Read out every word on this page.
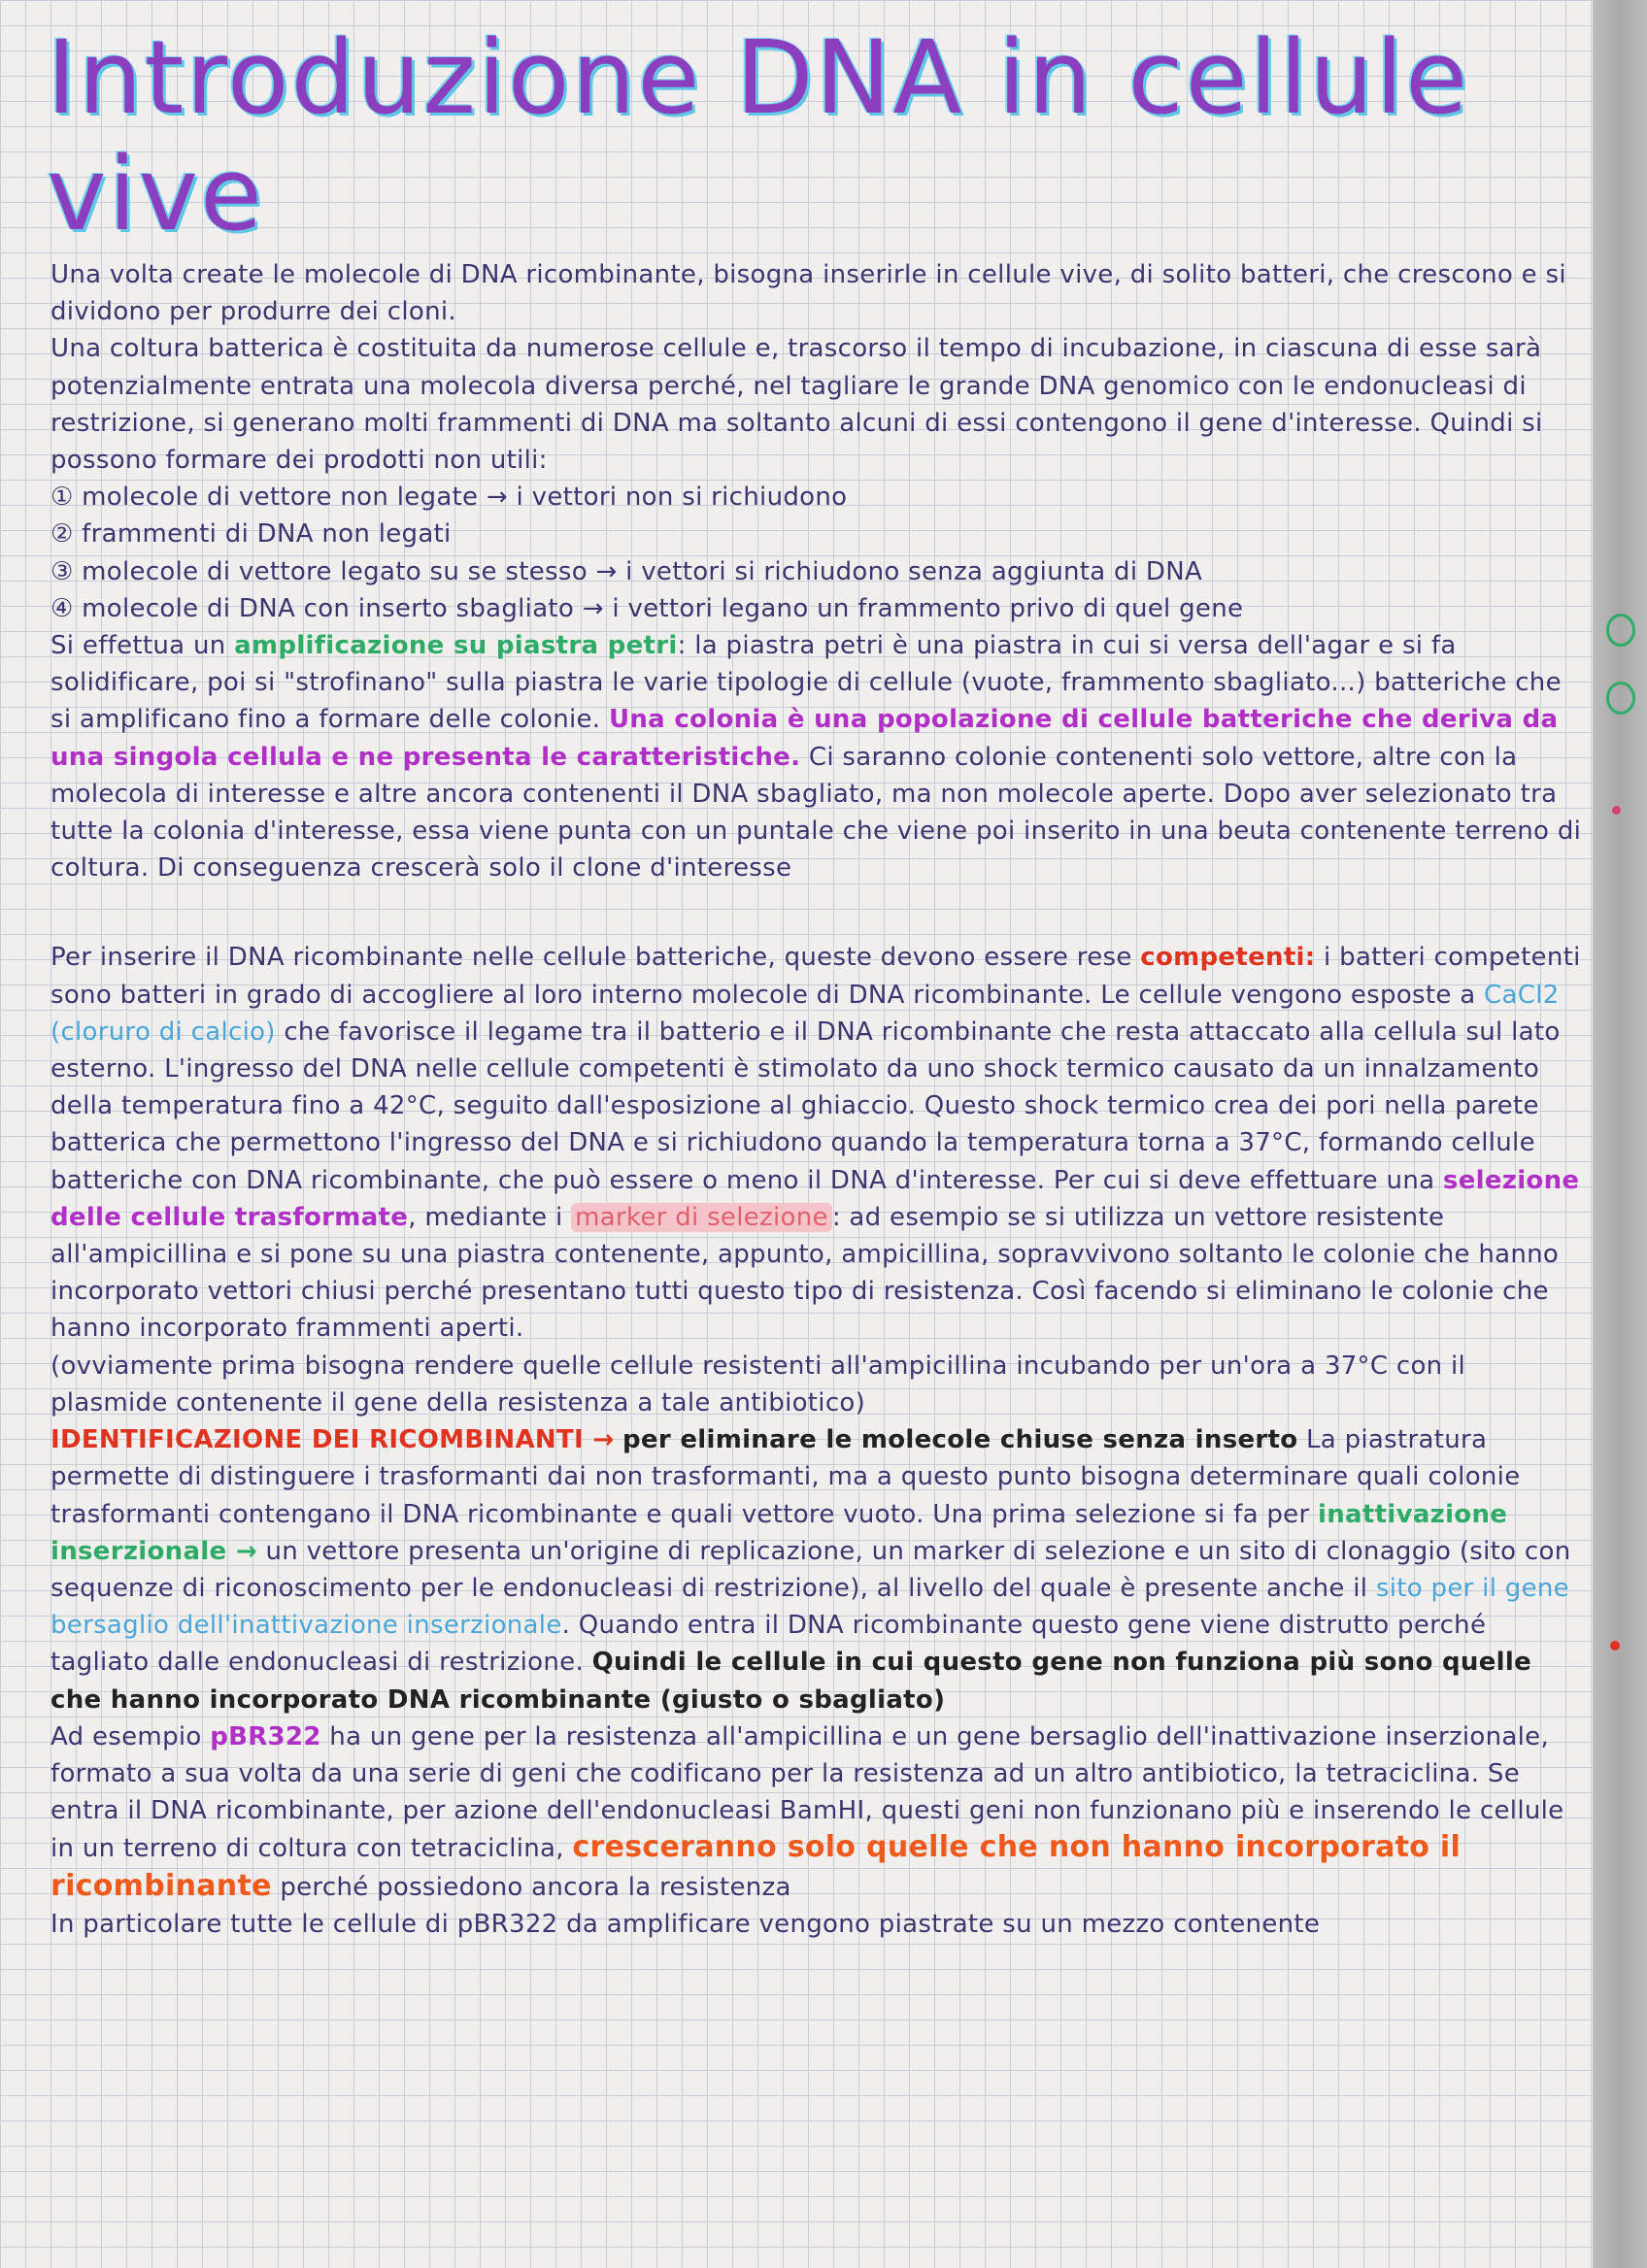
Introduzione DNA in cellule vive

Una volta create le molecole di DNA ricombinante, bisogna inserirle in cellule vive, di solito batteri, che crescono e si dividono per produrre dei cloni.

Una coltura batterica è costituita da numerose cellule e, trascorso il tempo di incubazione, in ciascuna di esse sarà potenzialmente entrata una molecola diversa perché, nel tagliare le grande DNA genomico con le endonucleasi di restrizione, si generano molti frammenti di DNA ma soltanto alcuni di essi contengono il gene d'interesse. Quindi si possono formare dei prodotti non utili:

① molecole di vettore non legate → i vettori non si richiudono

② frammenti di DNA non legati

③ molecole di vettore legato su se stesso → i vettori si richiudono senza aggiunta di DNA

④ molecole di DNA con inserto sbagliato → i vettori legano un frammento privo di quel gene

Si effettua un amplificazione su piastra petri: la piastra petri è una piastra in cui si versa dell'agar e si fa solidificare, poi si "strofinano" sulla piastra le varie tipologie di cellule (vuote, frammento sbagliato...) batteriche che si amplificano fino a formare delle colonie. Una colonia è una popolazione di cellule batteriche che deriva da una singola cellula e ne presenta le caratteristiche. Ci saranno colonie contenenti solo vettore, altre con la molecola di interesse e altre ancora contenenti il DNA sbagliato, ma non molecole aperte. Dopo aver selezionato tra tutte la colonia d'interesse, essa viene punta con un puntale che viene poi inserito in una beuta contenente terreno di coltura. Di conseguenza crescerà solo il clone d'interesse

Per inserire il DNA ricombinante nelle cellule batteriche, queste devono essere rese competenti: i batteri competenti sono batteri in grado di accogliere al loro interno molecole di DNA ricombinante. Le cellule vengono esposte a CaCl2 (cloruro di calcio) che favorisce il legame tra il batterio e il DNA ricombinante che resta attaccato alla cellula sul lato esterno. L'ingresso del DNA nelle cellule competenti è stimolato da uno shock termico causato da un innalzamento della temperatura fino a 42°C, seguito dall'esposizione al ghiaccio. Questo shock termico crea dei pori nella parete batterica che permettono l'ingresso del DNA e si richiudono quando la temperatura torna a 37°C, formando cellule batteriche con DNA ricombinante, che può essere o meno il DNA d'interesse. Per cui si deve effettuare una selezione delle cellule trasformate, mediante i marker di selezione : ad esempio se si utilizza un vettore resistente all'ampicillina e si pone su una piastra contenente, appunto, ampicillina, sopravvivono soltanto le colonie che hanno incorporato vettori chiusi perché presentano tutti questo tipo di resistenza. Così facendo si eliminano le colonie che hanno incorporato frammenti aperti.

(ovviamente prima bisogna rendere quelle cellule resistenti all'ampicillina incubando per un'ora a 37°C con il plasmide contenente il gene della resistenza a tale antibiotico)

IDENTIFICAZIONE DEI RICOMBINANTI → per eliminare le molecole chiuse senza inserto La piastratura permette di distinguere i trasformanti dai non trasformanti, ma a questo punto bisogna determinare quali colonie trasformanti contengano il DNA ricombinante e quali vettore vuoto. Una prima selezione si fa per inattivazione inserzionale → un vettore presenta un'origine di replicazione, un marker di selezione e un sito di clonaggio (sito con sequenze di riconoscimento per le endonucleasi di restrizione), al livello del quale è presente anche il sito per il gene bersaglio dell'inattivazione inserzionale. Quando entra il DNA ricombinante questo gene viene distrutto perché tagliato dalle endonucleasi di restrizione. Quindi le cellule in cui questo gene non funziona più sono quelle che hanno incorporato DNA ricombinante (giusto o sbagliato)

Ad esempio pBR322 ha un gene per la resistenza all'ampicillina e un gene bersaglio dell'inattivazione inserzionale, formato a sua volta da una serie di geni che codificano per la resistenza ad un altro antibiotico, la tetraciclina. Se entra il DNA ricombinante, per azione dell'endonucleasi BamHI, questi geni non funzionano più e inserendo le cellule in un terreno di coltura con tetraciclina, cresceranno solo quelle che non hanno incorporato il ricombinante perché possiedono ancora la resistenza

In particolare tutte le cellule di pBR322 da amplificare vengono piastrate su un mezzo contenente
